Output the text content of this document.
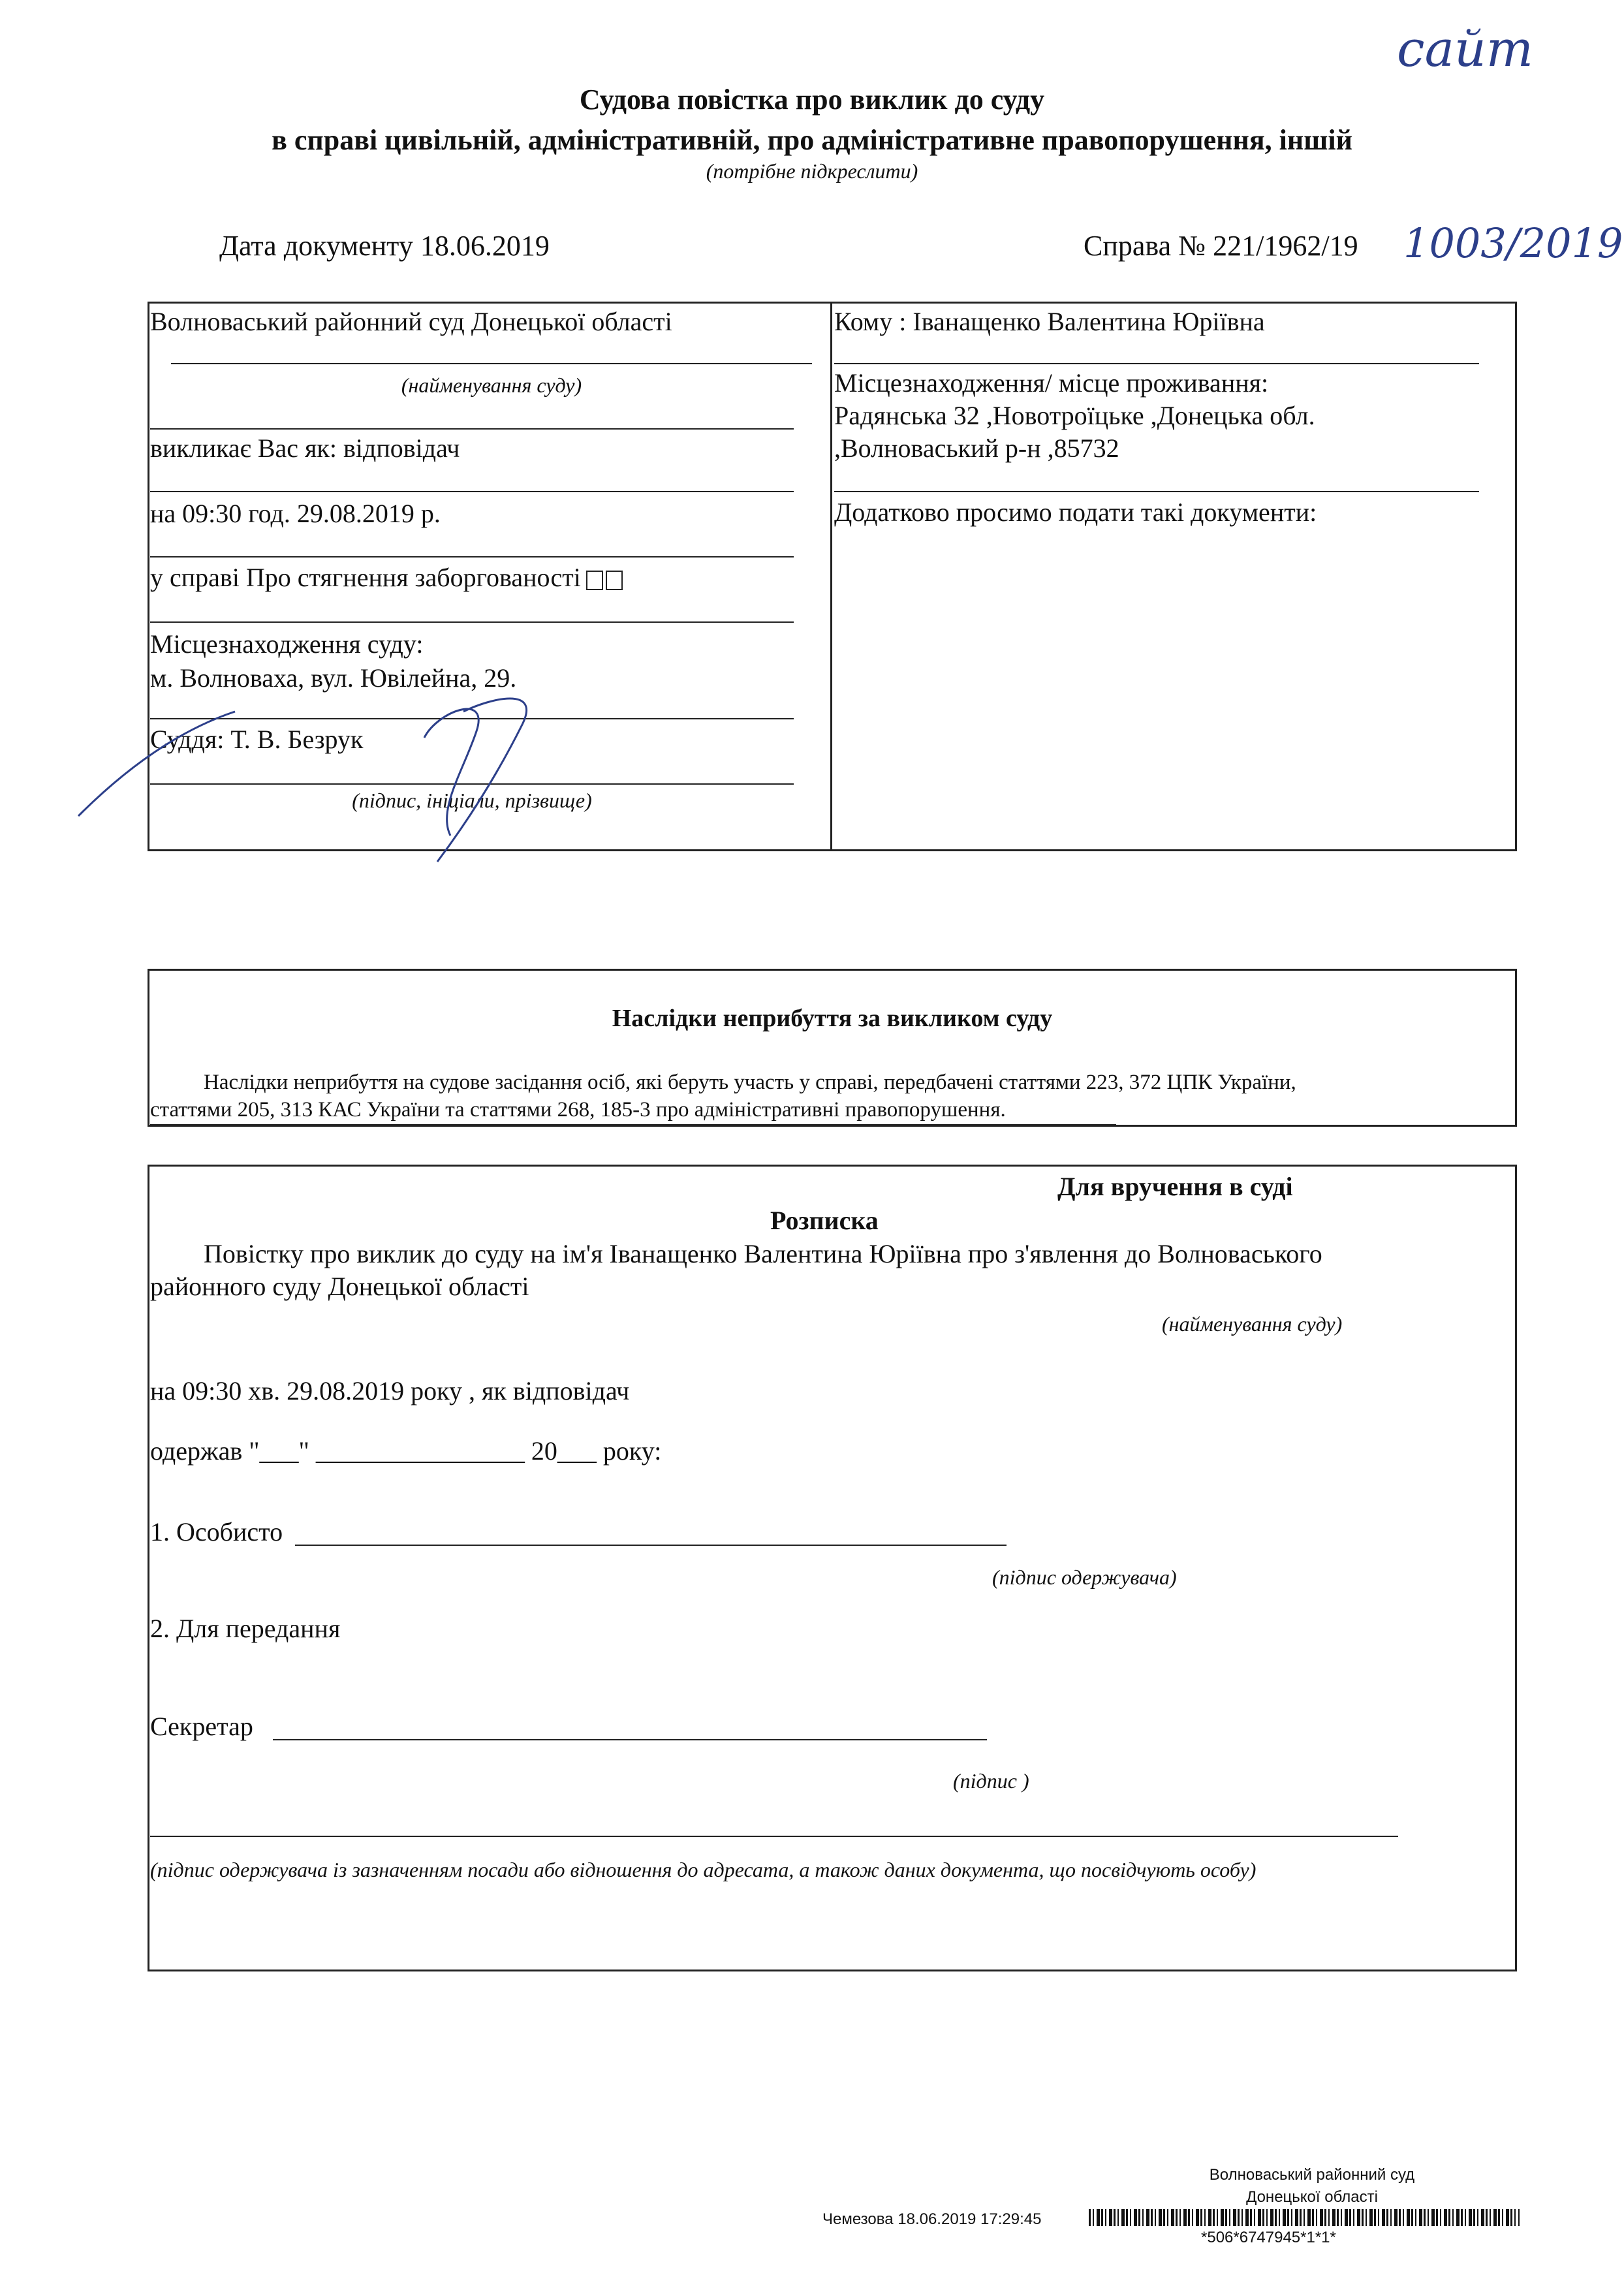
сайт
Судова повістка про виклик до суду
в справі цивільній, адміністративній, про адміністративне правопорушення, іншій
(потрібне підкреслити)
Дата документу 18.06.2019	Справа № 221/1962/19 1003/2019
Волноваський районний суд Донецької області
(найменування суду)
викликає Вас як: відповідач
на 09:30 год. 29.08.2019 р.
у справі Про стягнення заборгованості
Місцезнаходження суду:
м. Волноваха, вул. Ювілейна, 29.
Суддя: Т. В. Безрук
(підпис, ініціали, прізвище)
Кому : Іванащенко Валентина Юріївна
Місцезнаходження/ місце проживання:
Радянська 32 ,Новотроїцьке ,Донецька обл.
,Волноваський р-н ,85732
Додатково просимо подати такі документи:
Наслідки неприбуття за викликом суду
Наслідки неприбуття на судове засідання осіб, які беруть участь у справі, передбачені статтями 223, 372 ЦПК України,
статтями 205, 313 КАС України та статтями 268, 185-3 про адміністративні правопорушення.
Для вручення в суді
Розписка
Повістку про виклик до суду на ім'я Іванащенко Валентина Юріївна про з'явлення до Волноваського
районного суду Донецької області
(найменування суду)
на 09:30 хв. 29.08.2019 року , як відповідач
одержав "___" ________________ 20___ року:
1. Особисто
(підпис одержувача)
2. Для передання
Секретар
(підпис )
(підпис одержувача із зазначенням посади або відношення до адресата, а також даних документа, що посвідчують особу)
Волноваський районний суд
Донецької області
Чемезова 18.06.2019 17:29:45
*506*6747945*1*1*
